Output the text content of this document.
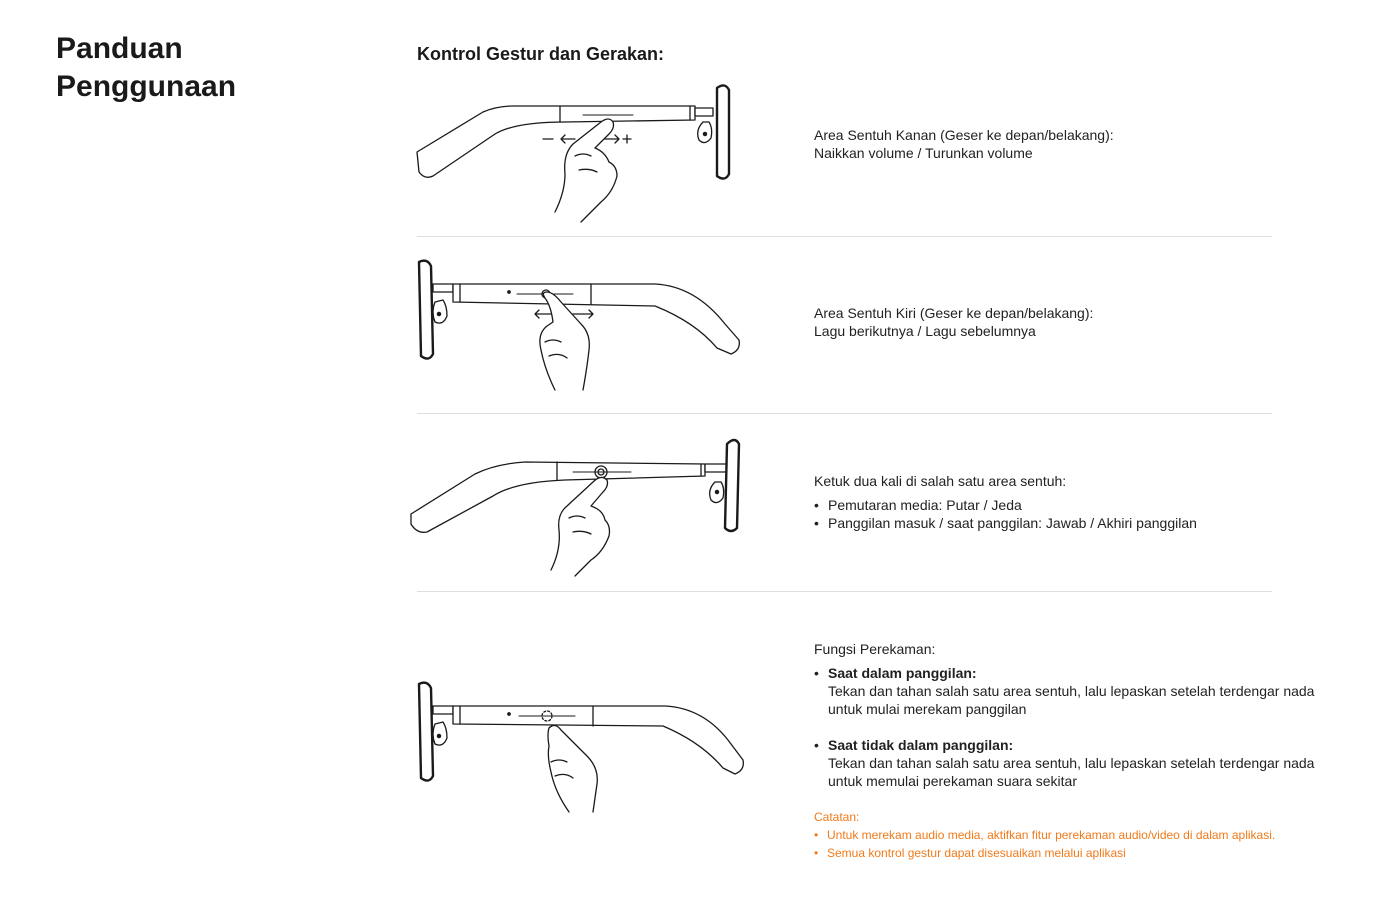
Panduan Penggunaan
Kontrol Gestur dan Gerakan:

Area Sentuh Kanan (Geser ke depan/belakang):

Naikkan volume / Turunkan volume

Area Sentuh Kiri (Geser ke depan/belakang):

Lagu berikutnya / Lagu sebelumnya

Ketuk dua kali di salah satu area sentuh:

• Pemutaran media: Putar / Jeda
• Panggilan masuk / saat panggilan: Jawab / Akhiri panggilan

Fungsi Perekaman:

• Saat dalam panggilan:
Tekan dan tahan salah satu area sentuh, lalu lepaskan setelah terdengar nada untuk mulai merekam panggilan
• Saat tidak dalam panggilan:
Tekan dan tahan salah satu area sentuh, lalu lepaskan setelah terdengar nada untuk memulai perekaman suara sekitar

Catatan:

• Untuk merekam audio media, aktifkan fitur perekaman audio/video di dalam aplikasi.
• Semua kontrol gestur dapat disesuaikan melalui aplikasi
